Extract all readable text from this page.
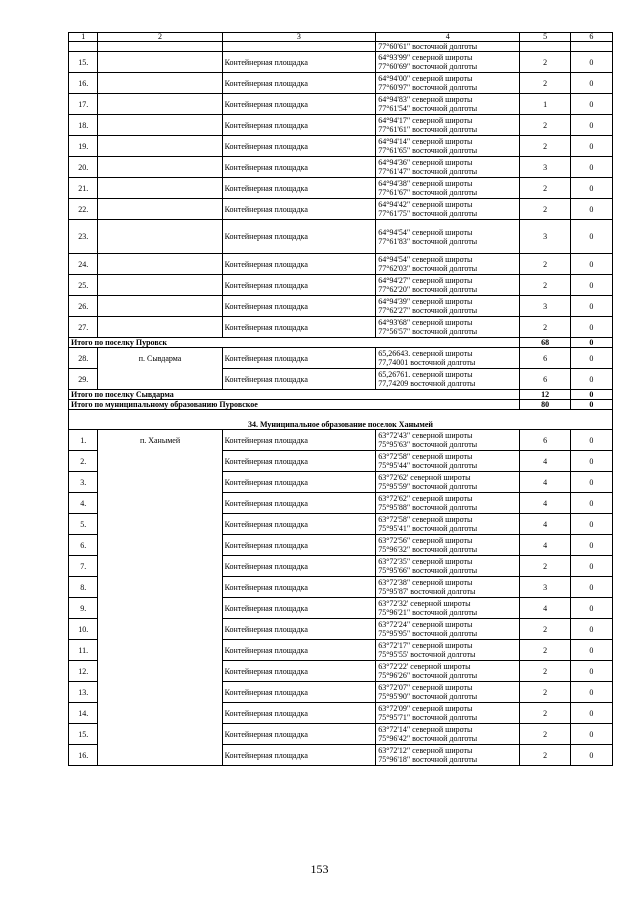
1	2	3	4	5	6
			77°60'61" восточной долготы		
15.		Контейнерная площадка	64°93'99" северной широты
77°60'69" восточной долготы	2	0
16.		Контейнерная площадка	64°94'00" северной широты
77°60'97" восточной долготы	2	0
17.		Контейнерная площадка	64°94'83" северной широты
77°61'54" восточной долготы	1	0
18.		Контейнерная площадка	64°94'17" северной широты
77°61'61" восточной долготы	2	0
19.		Контейнерная площадка	64°94'14" северной широты
77°61'65" восточной долготы	2	0
20.		Контейнерная площадка	64°94'36" северной широты
77°61'47" восточной долготы	3	0
21.		Контейнерная площадка	64°94'38" северной широты
77°61'67" восточной долготы	2	0
22.		Контейнерная площадка	64°94'42" северной широты
77°61'75" восточной долготы	2	0
23.		Контейнерная площадка	64°94'54" северной широты
77°61'83" восточной долготы	3	0
24.		Контейнерная площадка	64°94'54" северной широты
77°62'03" восточной долготы	2	0
25.		Контейнерная площадка	64°94'27" северной широты
77°62'20" восточной долготы	2	0
26.		Контейнерная площадка	64°94'39" северной широты
77°62'27" восточной долготы	3	0
27.		Контейнерная площадка	64°93'68" северной широты
77°56'57" восточной долготы	2	0
Итого по поселку Пуровск				68	0
28.	п. Сывдарма	Контейнерная площадка	65,26643. северной широты
77,74001 восточной долготы	6	0
29.		Контейнерная площадка	65,26761. северной широты
77,74209 восточной долготы	6	0
Итого по поселку Сывдарма				12	0
Итого по муниципальному образованию Пуровское				80	0
34. Муниципальное образование поселок Ханымей					
1.	п. Ханымей	Контейнерная площадка	63°72'43" северной широты
75°95'63" восточной долготы	6	0
2.		Контейнерная площадка	63°72'58" северной широты
75°95'44" восточной долготы	4	0
3.		Контейнерная площадка	63°72'62' северной широты
75°95'59" восточной долготы	4	0
4.		Контейнерная площадка	63°72'62" северной широты
75°95'88" восточной долготы	4	0
5.		Контейнерная площадка	63°72'58" северной широты
75°95'41" восточной долготы	4	0
6.		Контейнерная площадка	63°72'56" северной широты
75°96'32" восточной долготы	4	0
7.		Контейнерная площадка	63°72'35" северной широты
75°95'66" восточной долготы	2	0
8.		Контейнерная площадка	63°72'38" северной широты
75°95'87' восточной долготы	3	0
9.		Контейнерная площадка	63°72'32' северной широты
75°96'21" восточной долготы	4	0
10.		Контейнерная площадка	63°72'24" северной широты
75°95'95" восточной долготы	2	0
11.		Контейнерная площадка	63°72'17" северной широты
75°95'55' восточной долготы	2	0
12.		Контейнерная площадка	63°72'22' северной широты
75°96'26" восточной долготы	2	0
13.		Контейнерная площадка	63°72'07" северной широты
75°95'90" восточной долготы	2	0
14.		Контейнерная площадка	63°72'09" северной широты
75°95'71" восточной долготы	2	0
15.		Контейнерная площадка	63°72'14" северной широты
75°96'42" восточной долготы	2	0
16.		Контейнерная площадка	63°72'12" северной широты
75°96'18" восточной долготы	2	0
153
